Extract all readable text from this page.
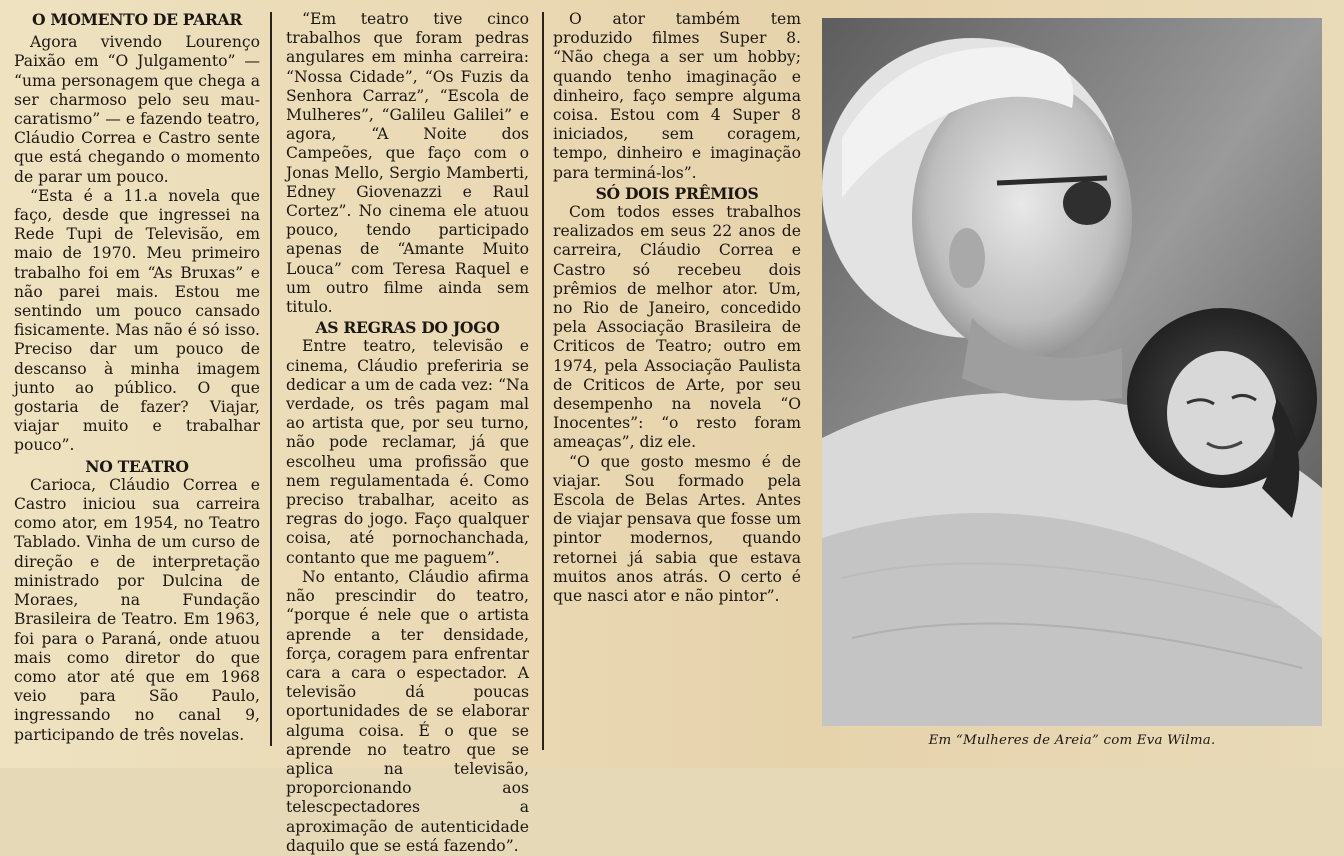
O MOMENTO DE PARAR

Agora vivendo Lourenço Paixão em “O Julgamento” — “uma personagem que chega a ser charmoso pelo seu mau-caratismo” — e fazendo teatro, Cláudio Correa e Castro sente que está chegando o momento de parar um pouco.

“Esta é a 11.a novela que faço, desde que ingressei na Rede Tupi de Televisão, em maio de 1970. Meu primeiro trabalho foi em “As Bruxas” e não parei mais. Estou me sentindo um pouco cansado fisicamente. Mas não é só isso. Preciso dar um pouco de descanso à minha imagem junto ao público. O que gostaria de fazer? Viajar, viajar muito e trabalhar pouco”.

NO TEATRO

Carioca, Cláudio Correa e Castro iniciou sua carreira como ator, em 1954, no Teatro Tablado. Vinha de um curso de direção e de interpretação ministrado por Dulcina de Moraes, na Fundação Brasileira de Teatro. Em 1963, foi para o Paraná, onde atuou mais como diretor do que como ator até que em 1968 veio para São Paulo, ingressando no canal 9, participando de três novelas.

“Em teatro tive cinco trabalhos que foram pedras angulares em minha carreira: “Nossa Cidade”, “Os Fuzis da Senhora Carraz”, “Escola de Mulheres”, “Galileu Galilei” e agora, “A Noite dos Campeões, que faço com o Jonas Mello, Sergio Mamberti, Edney Giovenazzi e Raul Cortez”. No cinema ele atuou pouco, tendo participado apenas de “Amante Muito Louca” com Teresa Raquel e um outro filme ainda sem titulo.

AS REGRAS DO JOGO

Entre teatro, televisão e cinema, Cláudio preferiria se dedicar a um de cada vez: “Na verdade, os três pagam mal ao artista que, por seu turno, não pode reclamar, já que escolheu uma profissão que nem regulamentada é. Como preciso trabalhar, aceito as regras do jogo. Faço qualquer coisa, até pornochanchada, contanto que me paguem”.

No entanto, Cláudio afirma não prescindir do teatro, “porque é nele que o artista aprende a ter densidade, força, coragem para enfrentar cara a cara o espectador. A televisão dá poucas oportunidades de se elaborar alguma coisa. É o que se aprende no teatro que se aplica na televisão, proporcionando aos telescpectadores a aproximação de autenticidade daquilo que se está fazendo”.

O ator também tem produzido filmes Super 8. “Não chega a ser um hobby; quando tenho imaginação e dinheiro, faço sempre alguma coisa. Estou com 4 Super 8 iniciados, sem coragem, tempo, dinheiro e imaginação para terminá-los”.

SÓ DOIS PRÊMIOS

Com todos esses trabalhos realizados em seus 22 anos de carreira, Cláudio Correa e Castro só recebeu dois prêmios de melhor ator. Um, no Rio de Janeiro, concedido pela Associação Brasileira de Criticos de Teatro; outro em 1974, pela Associação Paulista de Criticos de Arte, por seu desempenho na novela “O Inocentes”: “o resto foram ameaças”, diz ele.

“O que gosto mesmo é de viajar. Sou formado pela Escola de Belas Artes. Antes de viajar pensava que fosse um pintor modernos, quando retornei já sabia que estava muitos anos atrás. O certo é que nasci ator e não pintor”.

Em “Mulheres de Areia” com Eva Wilma.
